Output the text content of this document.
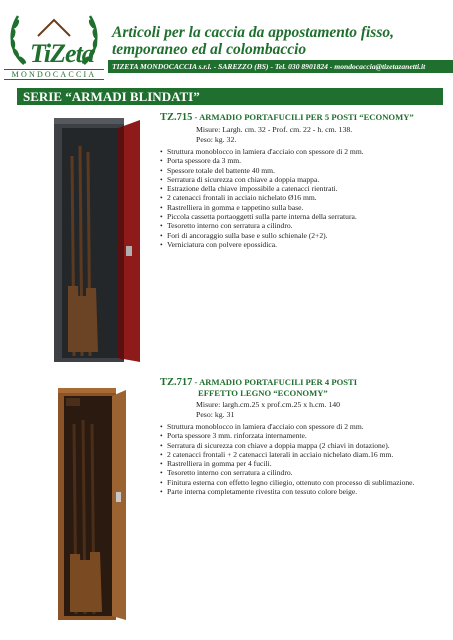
TiZeta
MONDOCACCIA
Articoli per la caccia da appostamento fisso, temporaneo ed al colombaccio
TIZETA MONDOCACCIA s.r.l. - SAREZZO (BS) - Tel. 030 8901824 - mondocaccia@tizetazanetti.it
SERIE “ARMADI BLINDATI”
TZ.715 - ARMADIO PORTAFUCILI PER 5 POSTI “ECONOMY”
Misure: Largh. cm. 32 - Prof. cm. 22 - h. cm. 138.
Peso: kg. 32.
• Struttura monoblocco in lamiera d'acciaio con spessore di 2 mm.
• Porta spessore da 3 mm.
• Spessore totale del battente 40 mm.
• Serratura di sicurezza con chiave a doppia mappa.
• Estrazione della chiave impossibile a catenacci rientrati.
• 2 catenacci frontali in acciaio nichelato Ø16 mm.
• Rastrelliera in gomma e tappetino sulla base.
• Piccola cassetta portaoggetti sulla parte interna della serratura.
• Tesoretto interno con serratura a cilindro.
• Fori di ancoraggio sulla base e sullo schienale (2+2).
• Verniciatura con polvere epossidica.
TZ.717 - ARMADIO PORTAFUCILI PER 4 POSTI
EFFETTO LEGNO “ECONOMY”
Misure: largh.cm.25 x prof.cm.25 x h.cm. 140
Peso: kg. 31
• Struttura monoblocco in lamiera d'acciaio con spessore di 2 mm.
• Porta spessore 3 mm. rinforzata internamente.
• Serratura di sicurezza con chiave a doppia mappa (2 chiavi in dotazione).
• 2 catenacci frontali + 2 catenacci laterali in acciaio nichelato diam.16 mm.
• Rastrelliera in gomma per 4 fucili.
• Tesoretto interno con serratura a cilindro.
• Finitura esterna con effetto legno ciliegio, ottenuto con processo di sublimazione.
• Parte interna completamente rivestita con tessuto colore beige.
